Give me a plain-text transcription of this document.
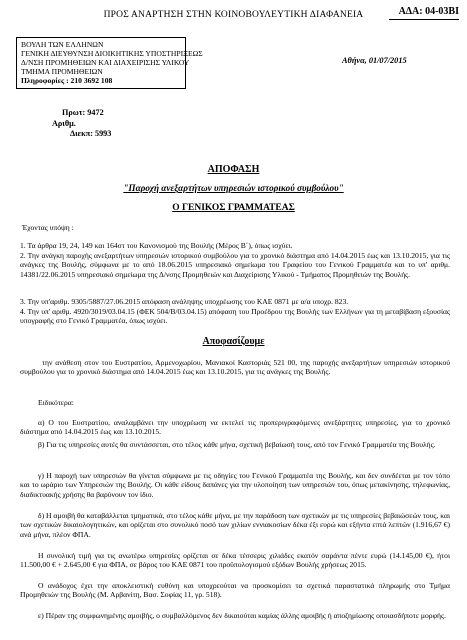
ΠΡΟΣ ΑΝΑΡΤΗΣΗ ΣΤΗΝ ΚΟΙΝΟΒΟΥΛΕΥΤΙΚΗ ΔΙΑΦΑΝΕΙΑ	ΑΔΑ: 04-03ΒΙ
ΒΟΥΛΗ ΤΩΝ ΕΛΛΗΝΩΝ
ΓΕΝΙΚΗ ΔΙΕΥΘΥΝΣΗ ΔΙΟΙΚΗΤΙΚΗΣ ΥΠΟΣΤΗΡΙΞΕΩΣ
Δ/ΝΣΗ ΠΡΟΜΗΘΕΙΩΝ ΚΑΙ ΔΙΑΧΕΙΡΙΣΗΣ ΥΛΙΚΟΥ
ΤΜΗΜΑ ΠΡΟΜΗΘΕΙΩΝ
Πληροφορίες : 210 3692 108
Αθήνα, 01/07/2015
Πρωτ: 9472
Αριθμ.
Διεκπ: 5993
ΑΠΟΦΑΣΗ
"Παροχή ανεξαρτήτων υπηρεσιών ιστορικού συμβούλου"
Ο ΓΕΝΙΚΟΣ ΓΡΑΜΜΑΤΕΑΣ
Έχοντας υπόψη :
1. Τα άρθρα 19, 24, 149 και 164στ του Κανονισμού της Βουλής (Μέρος Β΄), όπως ισχύει.
2. Την ανάγκη παροχής ανεξαρτήτων υπηρεσιών ιστορικού συμβούλου για το χρονικό διάστημα από 14.04.2015 έως και 13.10.2015, για τις ανάγκες της Βουλής, σύμφωνα με το από 18.06.2015 υπηρεσιακό σημείωμα του Γραφείου του Γενικού Γραμματέα και το υπ' αριθμ. 14381/22.06.2015 υπηρεσιακό σημείωμα της Δ/νσης Προμηθειών και Διαχείρισης Υλικού - Τμήματος Προμηθειών της Βουλής.
3. Την υπ'αριθμ. 9305/5887/27.06.2015 απόφαση ανάληψης υποχρέωσης του ΚΑΕ 0871 με α/α υποχρ. 823.
4. Την υπ' αριθμ. 4920/3019/03.04.15 (ΦΕΚ 504/Β/03.04.15) απόφαση του Προέδρου της Βουλής των Ελλήνων για τη μεταβίβαση εξουσίας υπογραφής στο Γενικό Γραμματέα, όπως ισχύει.
Αποφασίζουμε
την ανάθεση στον του Ευστρατίου, Αρμενοχωρίου, Μανιακοί Καστοριάς 521 00, της παροχής ανεξαρτήτων υπηρεσιών ιστορικού συμβούλου για το χρονικό διάστημα από 14.04.2015 έως και 13.10.2015, για τις ανάγκες της Βουλής.
Ειδικότερα:
α) Ο του Ευστρατίου, αναλαμβάνει την υποχρέωση να εκτελεί τις προπεριγραφόμενες ανεξάρτητες υπηρεσίες, για το χρονικό διάστημα από 14.04.2015 έως και 13.10.2015.
β) Για τις υπηρεσίες αυτές θα συντάσσεται, στο τέλος κάθε μήνα, σχετική βεβαίωσή τους, από τον Γενικό Γραμματέα της Βουλής.
γ) Η παροχή των υπηρεσιών θα γίνεται σύμφωνα με τις οδηγίες του Γενικού Γραμματέα της Βουλής, και δεν συνδέεται με τον τόπο και το ωράριο των Υπηρεσιών της Βουλής. Οι κάθε είδους δαπάνες για την υλοποίηση των υπηρεσιών του, όπως μετακίνησης, τηλεφωνίας, διαδικτυακής χρήσης θα βαρύνουν τον ίδιο.
δ) Η αμοιβή θα καταβάλλεται τμηματικά, στο τέλος κάθε μήνα, με την παράδοση των σχετικών με τις υπηρεσίες βεβαιώσεών τους, και των σχετικών δικαιολογητικών, και ορίζεται στο συνολικό ποσό των χιλίων εννιακοσίων δέκα έξι ευρώ και εξήντα επτά λεπτών (1.916,67 €) ανά μήνα, πλέον ΦΠΑ.
Η συνολική τιμή για τις ανωτέρω υπηρεσίες ορίζεται σε δέκα τέσσερις χιλιάδες εκατόν σαράντα πέντε ευρώ (14.145,00 €), ήτοι 11.500,00 € + 2.645,00 € για ΦΠΑ, σε βάρος του ΚΑΕ 0871 του προϋπολογισμού εξόδων Βουλής χρήσεως 2015.
Ο ανάδοχος έχει την αποκλειστική ευθύνη και υποχρεούται να προσκομίσει τα σχετικά παραστατικά πληρωμής στο Τμήμα Προμηθειών της Βουλής (Μ. Αρβανίτη, Βασ. Σοφίας 11, γρ. 518).
ε) Πέραν της συμφωνημένης αμοιβής, ο συμβαλλόμενος δεν δικαιούται καμίας άλλης αμοιβής ή αποζημίωσης οποιασδήποτε μορφής.
